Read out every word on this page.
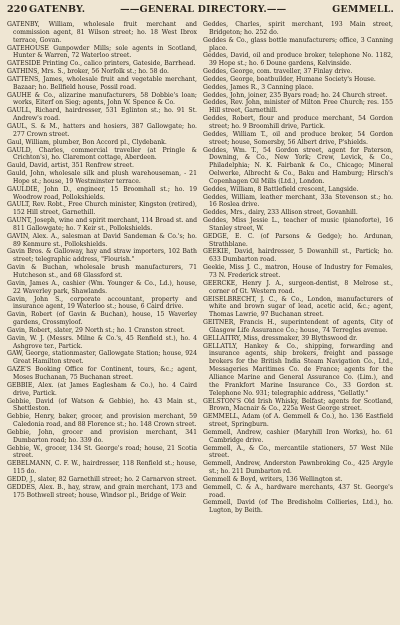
220 GATENBY.	——GENERAL DIRECTORY.——	GEMMELL.

GATENBY, William, wholesale fruit merchant and commission agent, 81 Wilson street; ho. 18 West Ibrox terrace, Govan.

GATEHOUSE Gunpowder Mills; sole agents in Scotland, Hunter & Warren, 72 Waterloo street.

GATESIDE Printing Co., calico printers, Gateside, Barrhead.

GATHINS, Mrs. S., broker, 56 Norfolk st.; ho. 58 do.

GATTENS, James, wholesale fruit and vegetable merchant, Bazaar; ho. Bellfield house, Possil road.

GAUHE & Co., alizarine manufacturers, 58 Dobbie's loan; works, Eiterf on Sieg; agents, John W. Spence & Co.

GAULL, Richard, hairdresser, 531 Eglinton st.; ho. 91 St. Andrew's road.

GAUL, S. & M., hatters and hosiers, 387 Gallowgate; ho. 277 Crown street.

Gaul, William, plumber, Bon Accord pl., Clydebank.

GAULD, Charles, commercial traveller (at Pringle & Crichton's), ho. Claremont cottage, Aberdeen.

Gauld, David, artist, 351 Renfrew street.

Gauld, John, wholesale silk and plush warehouseman, - 21 Hope st.; house, 19 Westminster terrace.

GAULDIE, John D., engineer, 15 Broomhall st.; ho. 19 Woodrow road, Pollokshields.

GAULT, Rev. Robt., Free Church minister, Kingston (retired), 152 Hill street, Garnethill.

GAUNT, Joseph, wine and spirit merchant, 114 Broad st. and 811 Gallowgate; ho. 7 Keir st., Pollokshields.

GAVIN, Alex. A., salesman at David Sandeman & Co.'s; ho. 89 Kenmure st., Pollokshields.

Gavin Bros. & Galloway, hay and straw importers, 102 Bath street; telegraphic address, "Flourish."

Gavin & Buchan, wholesale brush manufacturers, 71 Hutcheson st., and 68 Glassford st.

Gavin, James A., cashier (Wm. Younger & Co., Ld.), house, 22 Waverley park, Shawlands.

Gavin, John S., corporate accountant, property and insurance agent, 19 Waterloo st.; house, 6 Caird drive.

Gavin, Robert (of Gavin & Buchan), house, 15 Waverley gardens, Crossmyloof.

Gavin, Robert, slater, 29 North st.; ho. 1 Cranston street.

Gavin, W. J. (Messrs. Milne & Co.'s, 45 Renfield st.), ho. 4 Ashgrove ter., Partick.

GAW, George, stationmaster, Gallowgate Station; house, 924 Great Hamilton street.

GAZE'S Booking Office for Continent, tours, &c.; agent, Moses Buchanan, 75 Buchanan street.

GEBBIE, Alex. (at James Eaglesham & Co.), ho. 4 Caird drive, Partick.

Gebbie, David (of Watson & Gebbie), ho. 43 Main st., Shettleston.

Gebbie, Henry, baker, grocer, and provision merchant, 59 Caledonia road, and 88 Florence st.; ho. 148 Crown street.

Gebbie, John, grocer and provision merchant, 341 Dumbarton road; ho. 339 do.

Gebbie, W., grocer, 134 St. George's road; house, 21 Scotia street.

GEBELMANN, C. F. W., hairdresser, 118 Renfield st.; house, 115 do.

GEDD, J., slater, 82 Garnethill street; ho. 2 Carnarvon street.

GEDDES, Alex. B., hay, straw, and grain merchant, 173 and 175 Bothwell street; house, Windsor pl., Bridge of Weir.

Geddes, Charles, spirit merchant, 193 Main street, Bridgeton; ho. 252 do.

Geddes & Co., glass bottle manufacturers; office, 3 Canning place.

Geddes, David, oil and produce broker, telephone No. 1182, 39 Hope st.; ho. 6 Doune gardens, Kelvinside.

Geddes, George, com. traveller, 37 Finlay drive.

Geddes, George, boatbuilder, Humane Society's House.

Geddes, James R., 3 Canning place.

Geddes, John, joiner, 235 Byars road; ho. 24 Church street.

Geddes, Rev. John, minister of Milton Free Church; res. 155 Hill street, Garnethill.

Geddes, Robert, flour and produce merchant, 54 Gordon street; ho. 9 Broomhill drive, Partick.

Geddes, William T., oil and produce broker, 54 Gordon street; house, Somersby, 56 Albert drive, P'shields.

Geddes, Wm. T., 54 Gordon street, agent for Paterson, Downing, & Co., New York; Crew, Levick, & Co., Philadelphia; N. K. Fairbank & Co., Chicago; Mineral Oelwerke, Albrecht & Co., Baku and Hamburg; Hirsch's Copenhagen Oil Mills (Ltd.), London.

Geddes, William, 8 Battlefield crescent, Langside.

Geddes, William, leather merchant, 33a Stevenson st.; ho. 16 Roslea drive.

Geddes, Mrs., dairy, 233 Allison street, Govanhill.

Geddes, Miss Jessie L., teacher of music (pianoforte), 16 Stanley street, W.

GEDGE, E. C. (of Parsons & Gedge); ho. Ardunan, Strathblane.

GEEKIE, David, hairdresser, 5 Dowanhill st., Partick; ho. 633 Dumbarton road.

Geekie, Miss J. C., matron, House of Industry for Females, 73 N. Frederick street.

GEERCKE, Henry J. A., surgeon-dentist, 8 Melrose st., corner of Gt. Western road.

GEISELBRECHT, J. C., & Co., London, manufacturers of white and brown sugar of lead, acetic acid, &c.; agent, Thomas Lawrie, 97 Buchanan street.

GEITNER, Francis H., superintendent of agents, City of Glasgow Life Assurance Co.; house, 74 Terregles avenue.

GELLAITRY, Miss, dressmaker, 39 Blythswood dr.

GELLATLY, Hankey & Co., shipping, forwarding and insurance agents, ship brokers, freight and passage brokers for the British India Steam Navigation Co., Ltd., Messageries Maritimes Co. de France; agents for the Alliance Marine and General Assurance Co. (Lim.), and the Frankfort Marine Insurance Co., 33 Gordon st. Telephone No. 931; telegraphic address, "Gellatly."

GELSTON'S Old Irish Whisky, Belfast; agents for Scotland, Brown, Macnair & Co., 225a West George street.

GEMMELL, Adam (of A. Gemmell & Co.), ho. 136 Eastfield street, Springburn.

Gemmell, Andrew, cashier (Maryhill Iron Works), ho. 61 Cambridge drive.

Gemmell, A., & Co., mercantile stationers, 57 West Nile street.

Gemmell, Andrew, Anderston Pawnbroking Co., 425 Argyle st.; ho. 211 Dumbarton rd.

Gemmell & Boyd, writers, 136 Wellington st.

Gemmell, C. & A., hardware merchants, 437 St. George's road.

Gemmell, David (of The Bredisholm Collieries, Ltd.), ho. Lugton, by Beith.
